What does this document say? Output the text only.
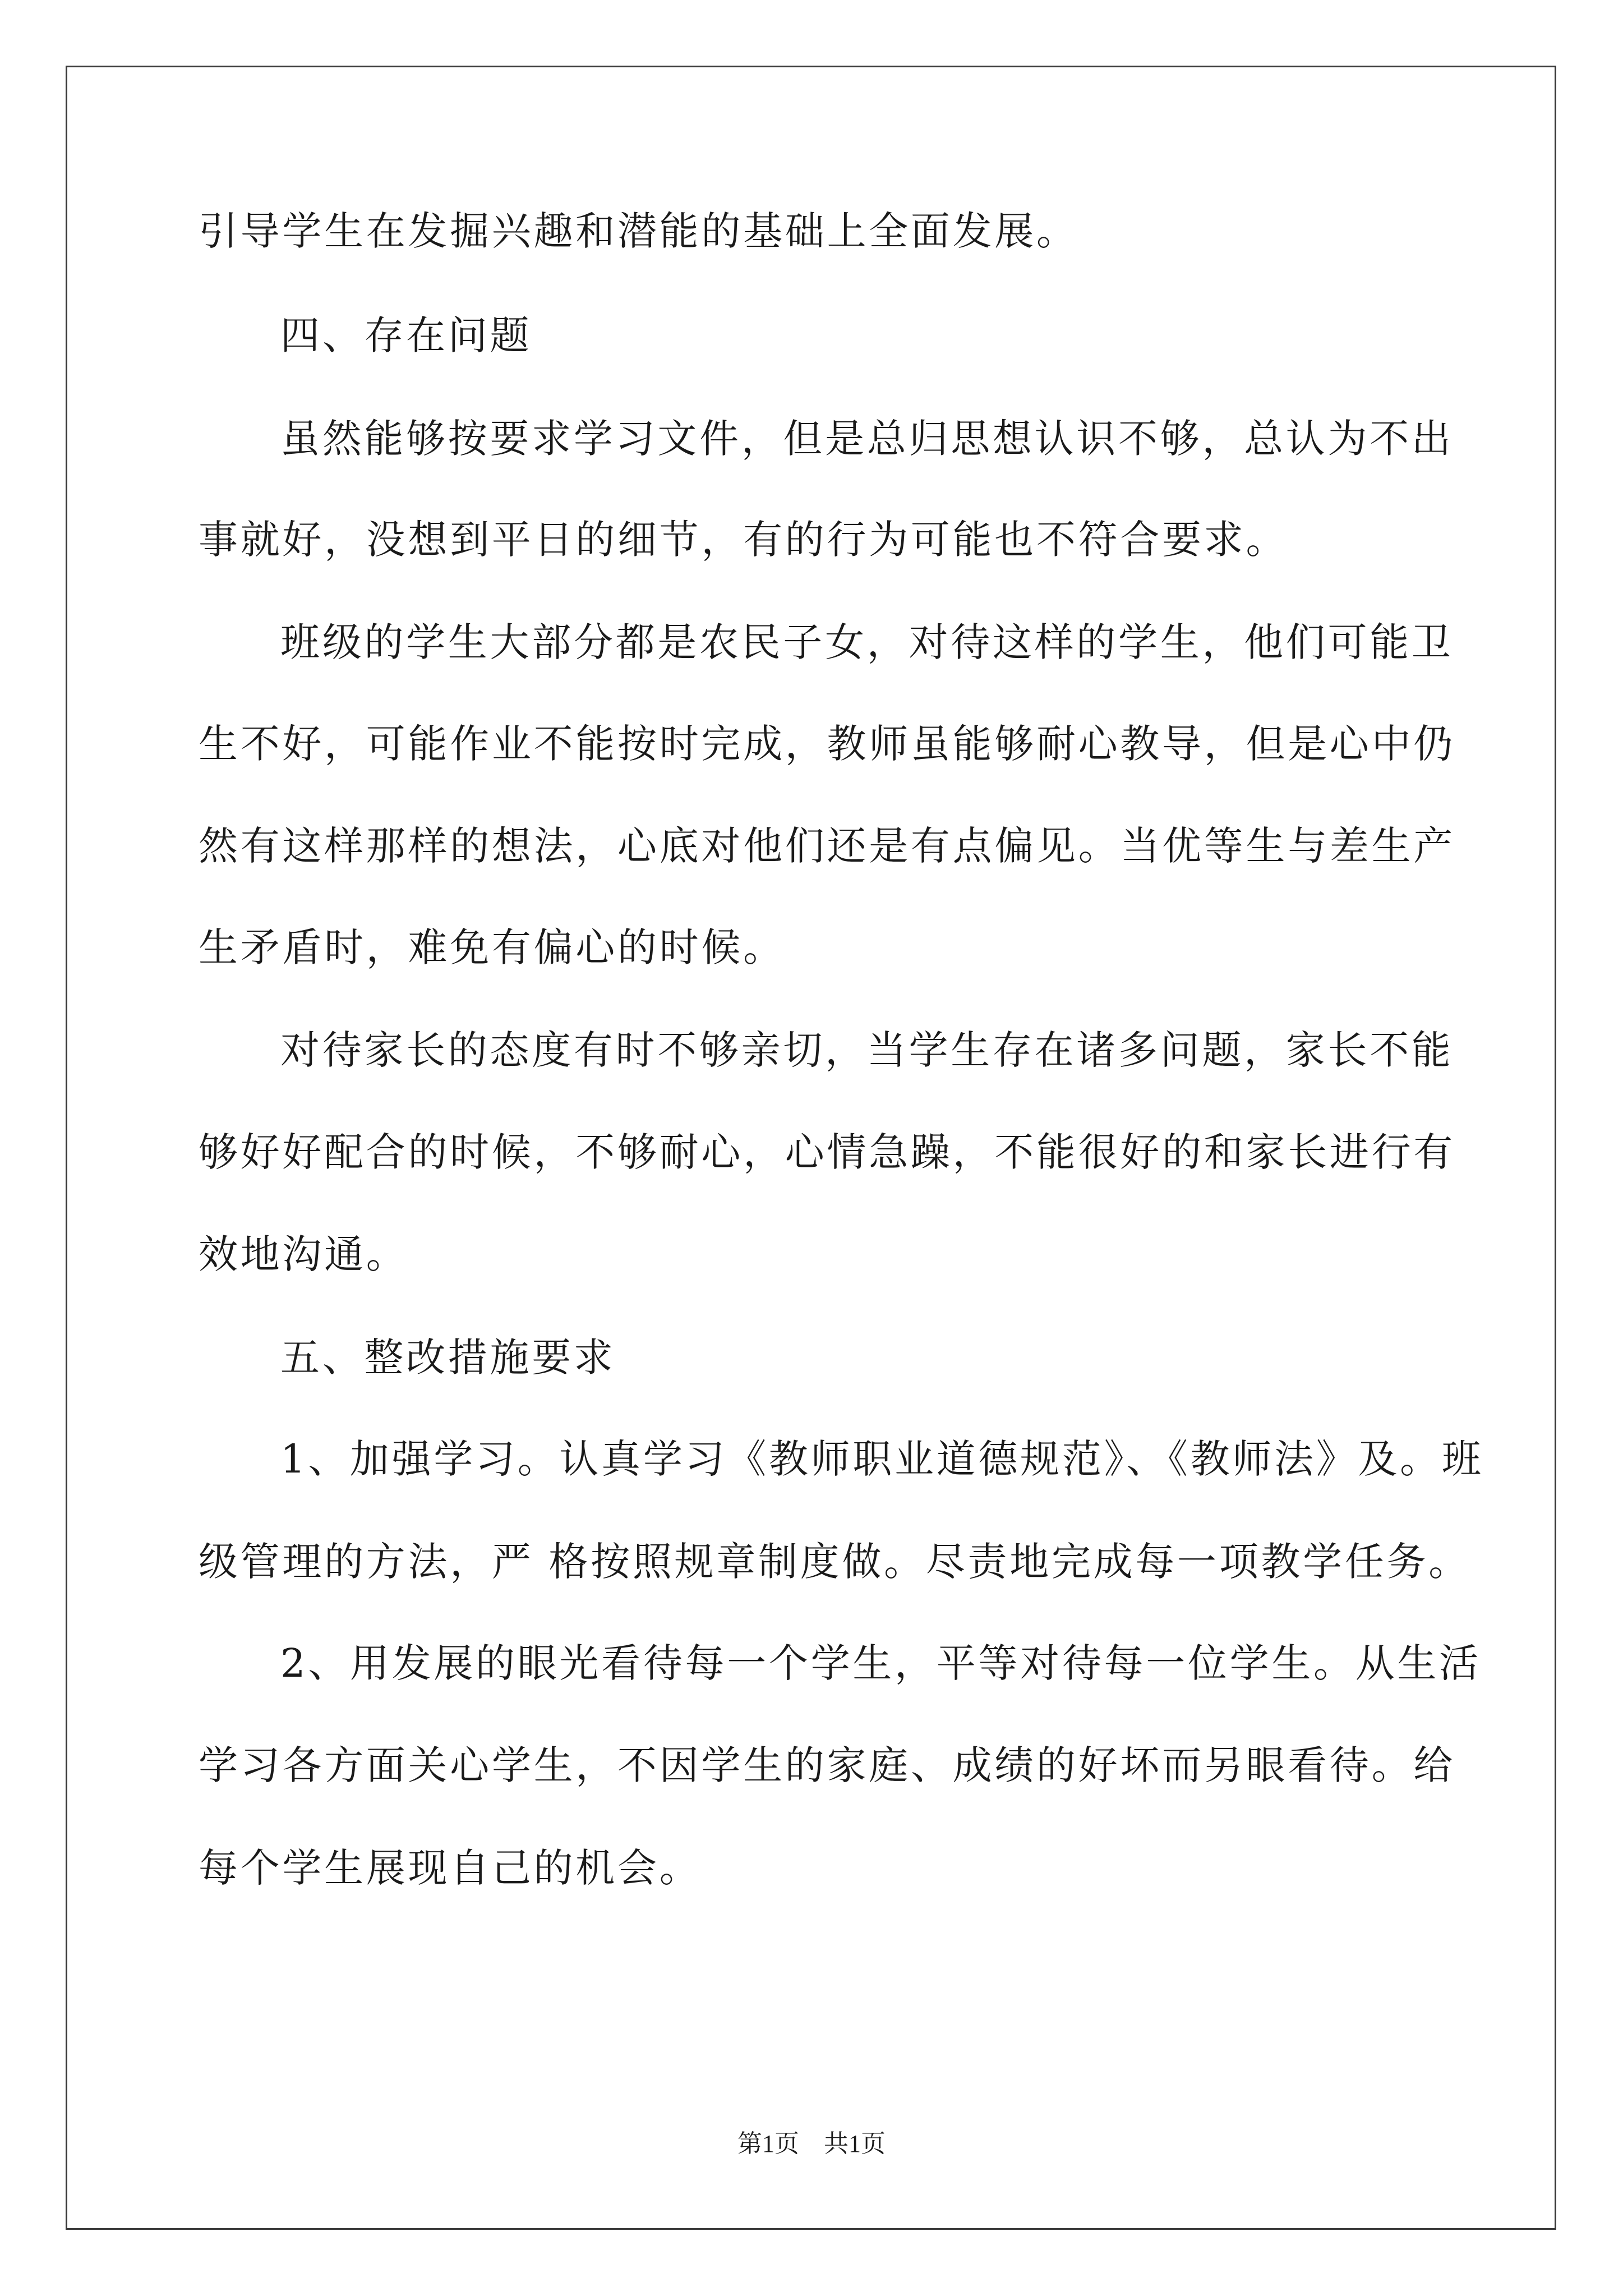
引导学生在发掘兴趣和潜能的基础上全面发展。

四、存在问题

虽然能够按要求学习文件，但是总归思想认识不够，总认为不出

事就好，没想到平日的细节，有的行为可能也不符合要求。

班级的学生大部分都是农民子女，对待这样的学生，他们可能卫

生不好，可能作业不能按时完成，教师虽能够耐心教导，但是心中仍

然有这样那样的想法，心底对他们还是有点偏见。当优等生与差生产

生矛盾时，难免有偏心的时候。

对待家长的态度有时不够亲切，当学生存在诸多问题，家长不能

够好好配合的时候，不够耐心，心情急躁，不能很好的和家长进行有

效地沟通。

五、整改措施要求

1、加强学习。认真学习《教师职业道德规范》、《教师法》及。班

级管理的方法，严 格按照规章制度做。尽责地完成每一项教学任务。

2、用发展的眼光看待每一个学生，平等对待每一位学生。从生活

学习各方面关心学生，不因学生的家庭、成绩的好坏而另眼看待。给

每个学生展现自己的机会。

第1页　共1页
